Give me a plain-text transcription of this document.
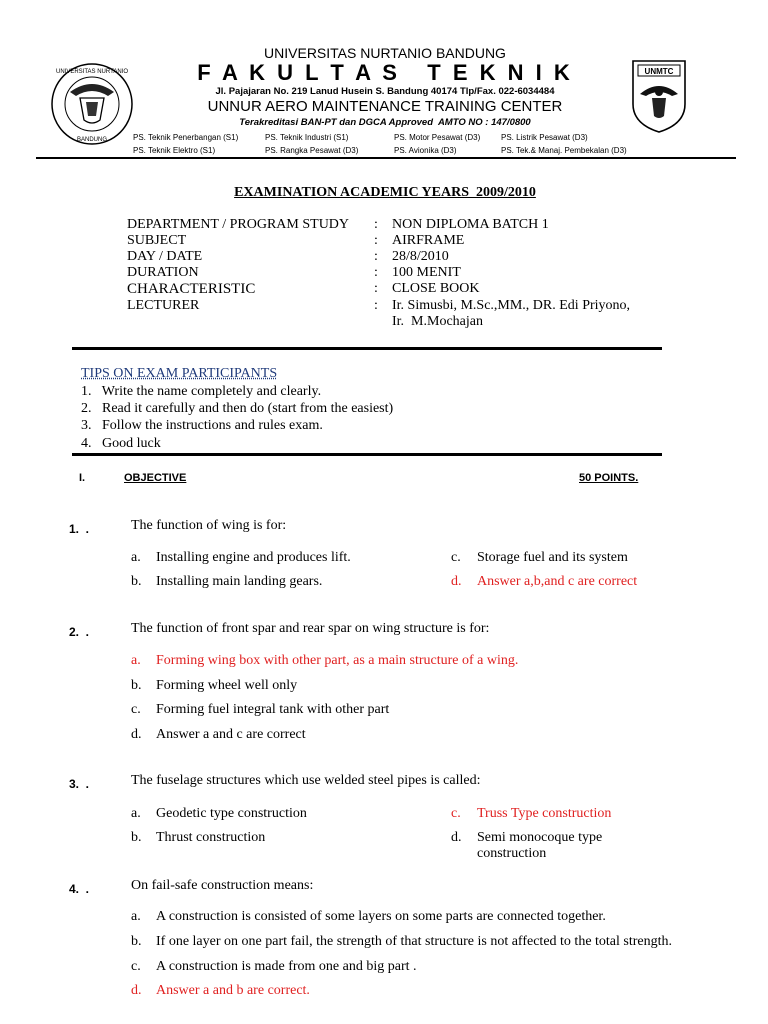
UNIVERSITAS NURTANIO
BANDUNG
UNIVERSITAS NURTANIO BANDUNG
F A K U L T A S   T E K N I K
Jl. Pajajaran No. 219 Lanud Husein S. Bandung 40174 Tlp/Fax. 022-6034484
UNNUR AERO MAINTENANCE TRAINING CENTER
Terakreditasi BAN-PT dan DGCA Approved  AMTO NO : 147/0800
PS. Teknik Penerbangan (S1)	PS. Teknik Industri (S1)	PS. Motor Pesawat (D3)	PS. Listrik Pesawat (D3)
PS. Teknik Elektro (S1)	PS. Rangka Pesawat (D3)	PS. Avionika (D3)	PS. Tek.& Manaj. Pembekalan (D3)
UNMTC
EXAMINATION ACADEMIC YEARS  2009/2010
DEPARTMENT / PROGRAM STUDY : NON DIPLOMA BATCH 1
SUBJECT	: AIRFRAME
DAY / DATE	: 28/8/2010
DURATION	: 100 MENIT
CHARACTERISTIC	: CLOSE BOOK
LECTURER	: Ir. Simusbi, M.Sc.,MM., DR. Edi Priyono,
Ir.  M.Mochajan
TIPS ON EXAM PARTICIPANTS
1.   Write the name completely and clearly.
2.   Read it carefully and then do (start from the easiest)
3.   Follow the instructions and rules exam.
4.   Good luck
I.	OBJECTIVE	50 POINTS.
1.  .	The function of wing is for:
a. Installing engine and produces lift.
b. Installing main landing gears.
c. Storage fuel and its system
d. Answer a,b,and c are correct
2.  .	The function of front spar and rear spar on wing structure is for:
a. Forming wing box with other part, as a main structure of a wing.
b. Forming wheel well only
c. Forming fuel integral tank with other part
d. Answer a and c are correct
3.  .	The fuselage structures which use welded steel pipes is called:
a. Geodetic type construction
b. Thrust construction
c. Truss Type construction
d. Semi monocoque type
construction
4.  .	On fail-safe construction means:
a. A construction is consisted of some layers on some parts are connected together.
b. If one layer on one part fail, the strength of that structure is not affected to the total strength.
c. A construction is made from one and big part .
d. Answer a and b are correct.
